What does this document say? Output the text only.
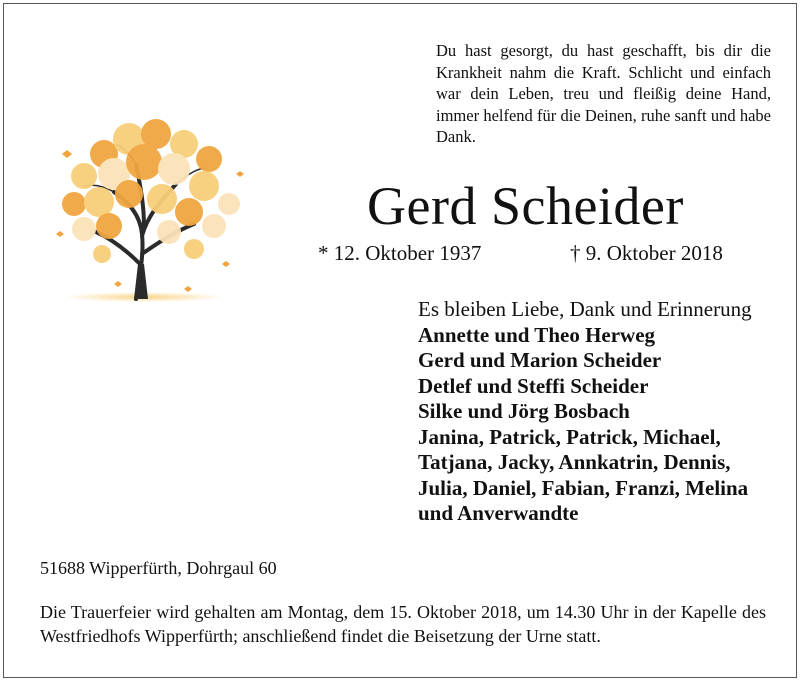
Du hast gesorgt, du hast geschafft, bis dir die Krankheit nahm die Kraft. Schlicht und einfach war dein Leben, treu und fleißig deine Hand, immer helfend für die Deinen, ruhe sanft und habe Dank.
Gerd Scheider
* 12. Oktober 1937	† 9. Oktober 2018
Es bleiben Liebe, Dank und Erinnerung
Annette und Theo Herweg
Gerd und Marion Scheider
Detlef und Steffi Scheider
Silke und Jörg Bosbach
Janina, Patrick, Patrick, Michael,
Tatjana, Jacky, Annkatrin, Dennis,
Julia, Daniel, Fabian, Franzi, Melina
und Anverwandte
51688 Wipperfürth, Dohrgaul 60
Die Trauerfeier wird gehalten am Montag, dem 15. Oktober 2018, um 14.30 Uhr in der Kapelle des Westfriedhofs Wipperfürth; anschließend findet die Beisetzung der Urne statt.
